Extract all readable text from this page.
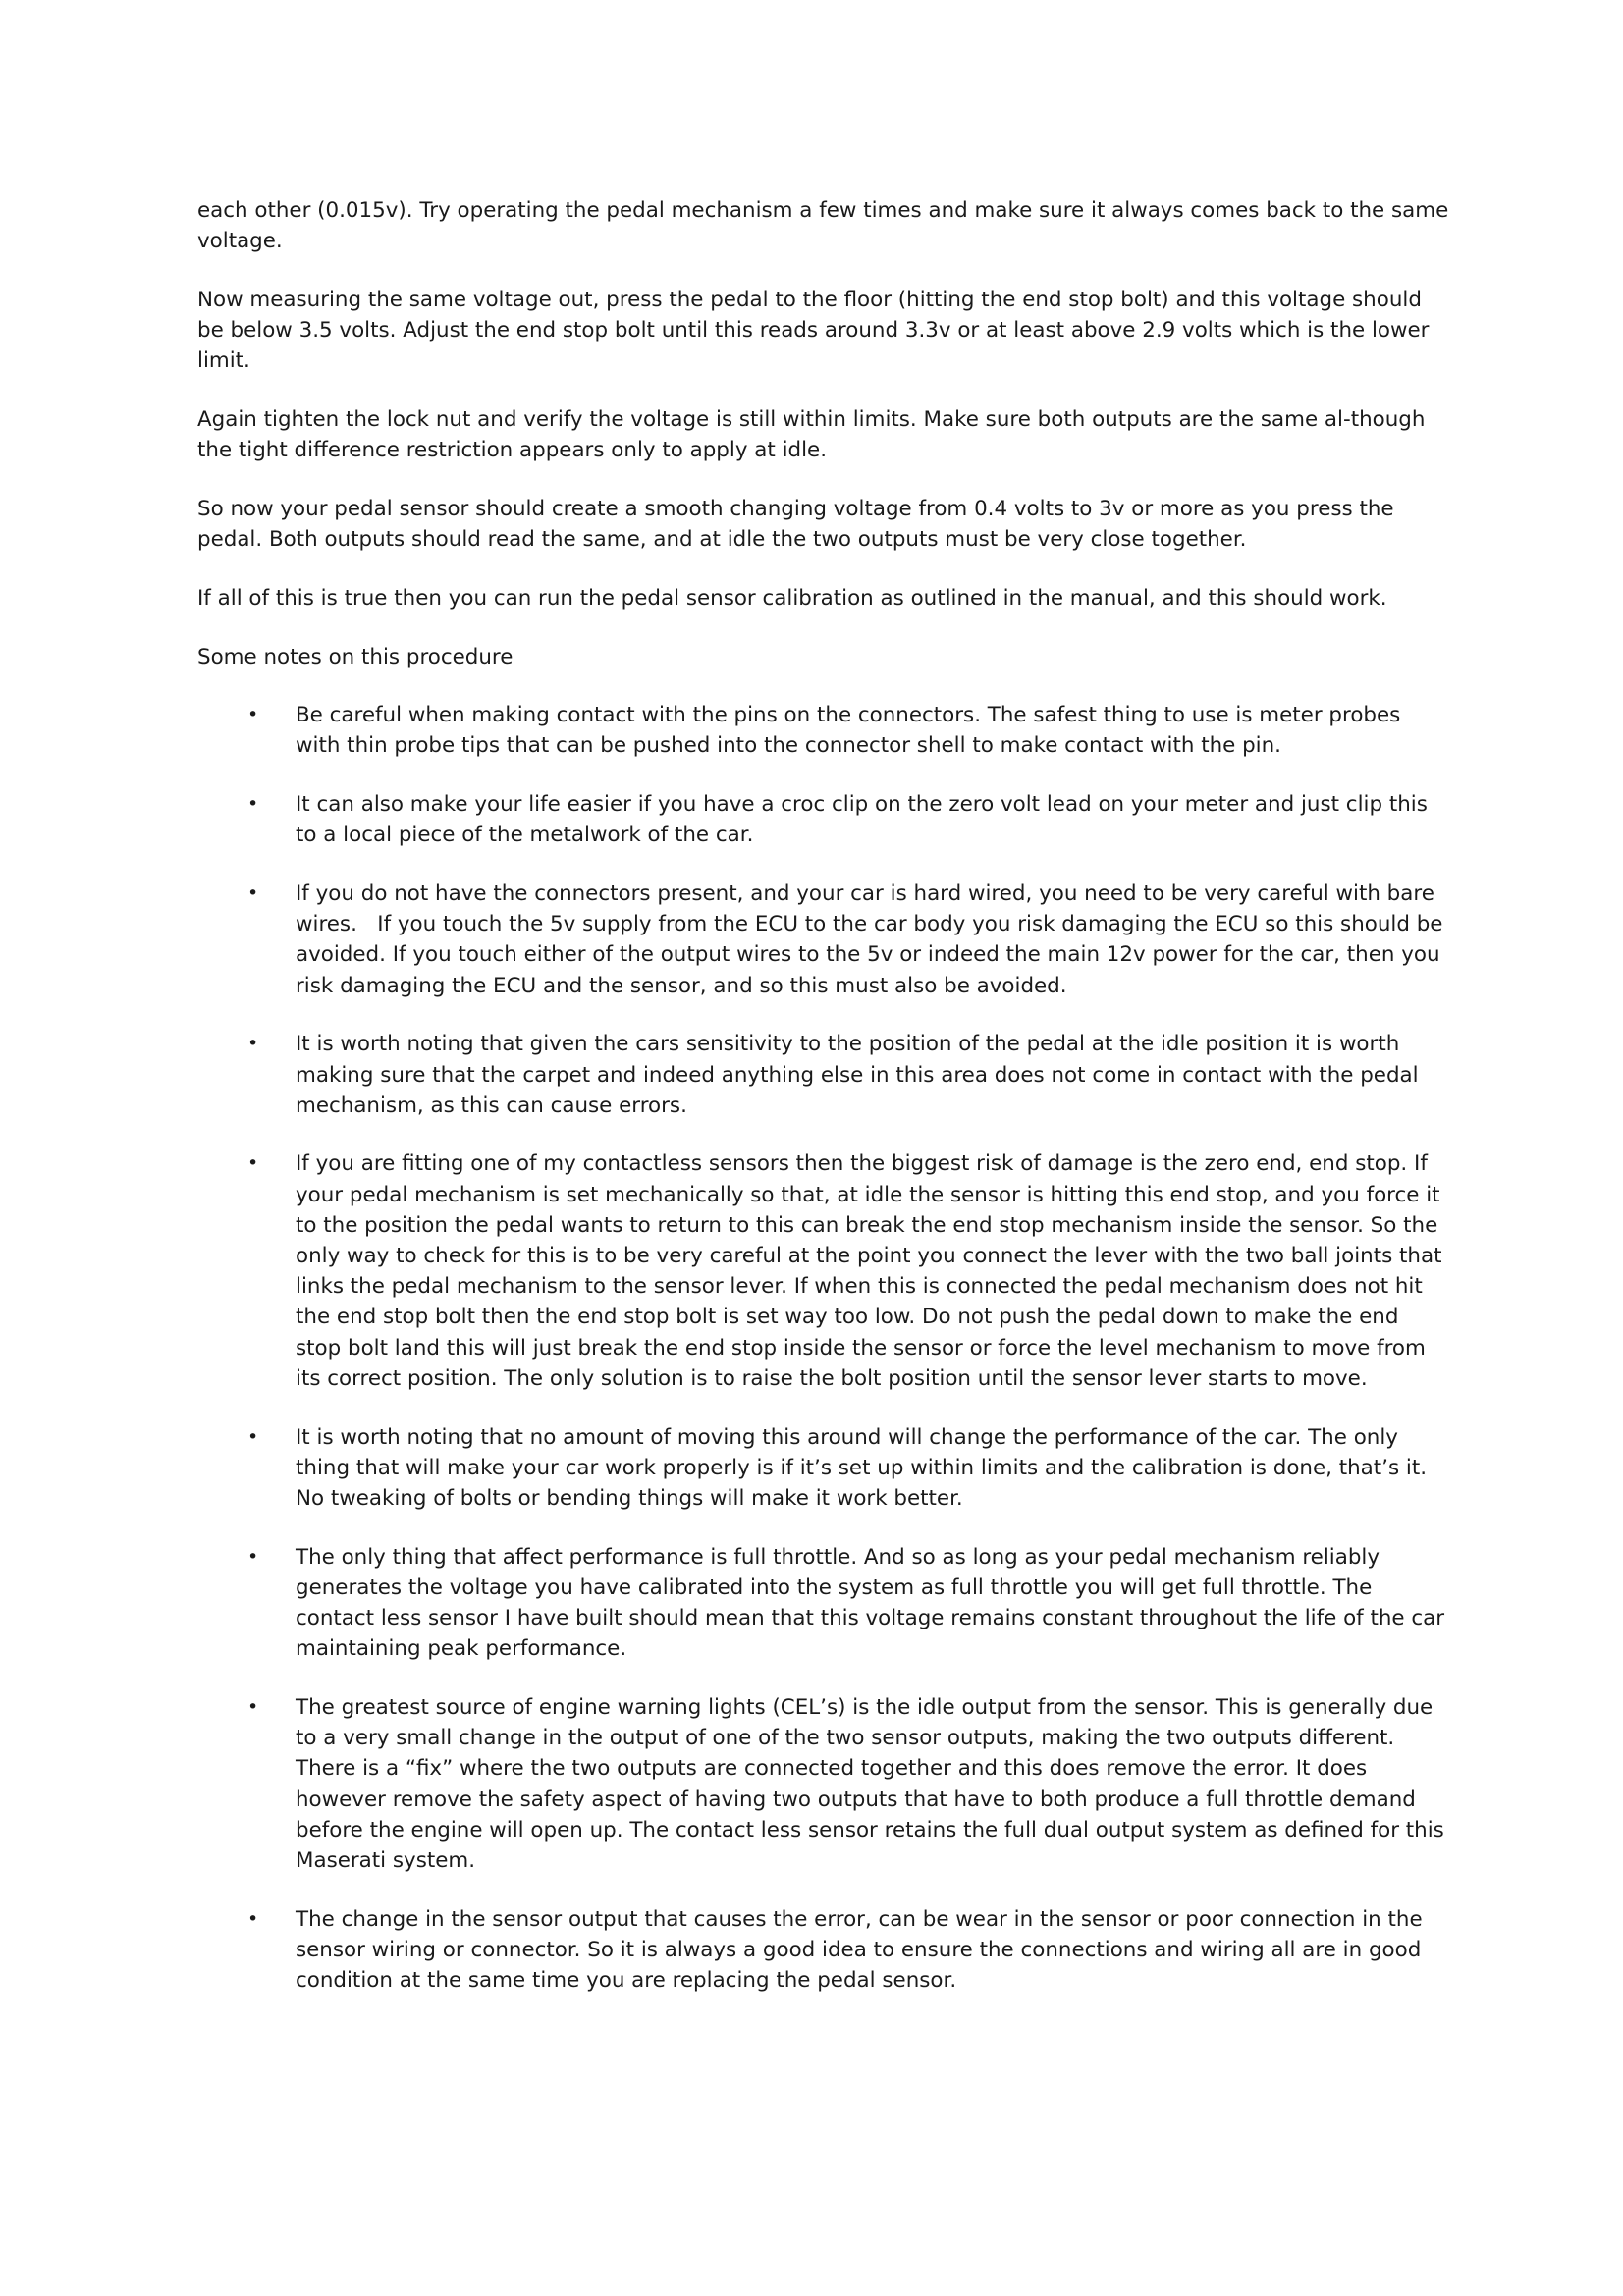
each other (0.015v). Try operating the pedal mechanism a few times and make sure it always comes back to the same voltage.

Now measuring the same voltage out, press the pedal to the floor (hitting the end stop bolt) and this voltage should be below 3.5 volts. Adjust the end stop bolt until this reads around 3.3v or at least above 2.9 volts which is the lower limit.

Again tighten the lock nut and verify the voltage is still within limits. Make sure both outputs are the same al-though the tight difference restriction appears only to apply at idle.

So now your pedal sensor should create a smooth changing voltage from 0.4 volts to 3v or more as you press the pedal. Both outputs should read the same, and at idle the two outputs must be very close together.

If all of this is true then you can run the pedal sensor calibration as outlined in the manual, and this should work.

Some notes on this procedure

• Be careful when making contact with the pins on the connectors. The safest thing to use is meter probes with thin probe tips that can be pushed into the connector shell to make contact with the pin.
• It can also make your life easier if you have a croc clip on the zero volt lead on your meter and just clip this to a local piece of the metalwork of the car.
• If you do not have the connectors present, and your car is hard wired, you need to be very careful with bare wires.   If you touch the 5v supply from the ECU to the car body you risk damaging the ECU so this should be avoided. If you touch either of the output wires to the 5v or indeed the main 12v power for the car, then you risk damaging the ECU and the sensor, and so this must also be avoided.
• It is worth noting that given the cars sensitivity to the position of the pedal at the idle position it is worth making sure that the carpet and indeed anything else in this area does not come in contact with the pedal mechanism, as this can cause errors.
• If you are fitting one of my contactless sensors then the biggest risk of damage is the zero end, end stop. If your pedal mechanism is set mechanically so that, at idle the sensor is hitting this end stop, and you force it to the position the pedal wants to return to this can break the end stop mechanism inside the sensor. So the only way to check for this is to be very careful at the point you connect the lever with the two ball joints that links the pedal mechanism to the sensor lever. If when this is connected the pedal mechanism does not hit the end stop bolt then the end stop bolt is set way too low. Do not push the pedal down to make the end stop bolt land this will just break the end stop inside the sensor or force the level mechanism to move from its correct position. The only solution is to raise the bolt position until the sensor lever starts to move.
• It is worth noting that no amount of moving this around will change the performance of the car. The only thing that will make your car work properly is if it’s set up within limits and the calibration is done, that’s it. No tweaking of bolts or bending things will make it work better.
• The only thing that affect performance is full throttle. And so as long as your pedal mechanism reliably generates the voltage you have calibrated into the system as full throttle you will get full throttle. The contact less sensor I have built should mean that this voltage remains constant throughout the life of the car maintaining peak performance.
• The greatest source of engine warning lights (CEL’s) is the idle output from the sensor. This is generally due to a very small change in the output of one of the two sensor outputs, making the two outputs different. There is a “fix” where the two outputs are connected together and this does remove the error. It does however remove the safety aspect of having two outputs that have to both produce a full throttle demand before the engine will open up. The contact less sensor retains the full dual output system as defined for this Maserati system.
• The change in the sensor output that causes the error, can be wear in the sensor or poor connection in the sensor wiring or connector. So it is always a good idea to ensure the connections and wiring all are in good condition at the same time you are replacing the pedal sensor.
